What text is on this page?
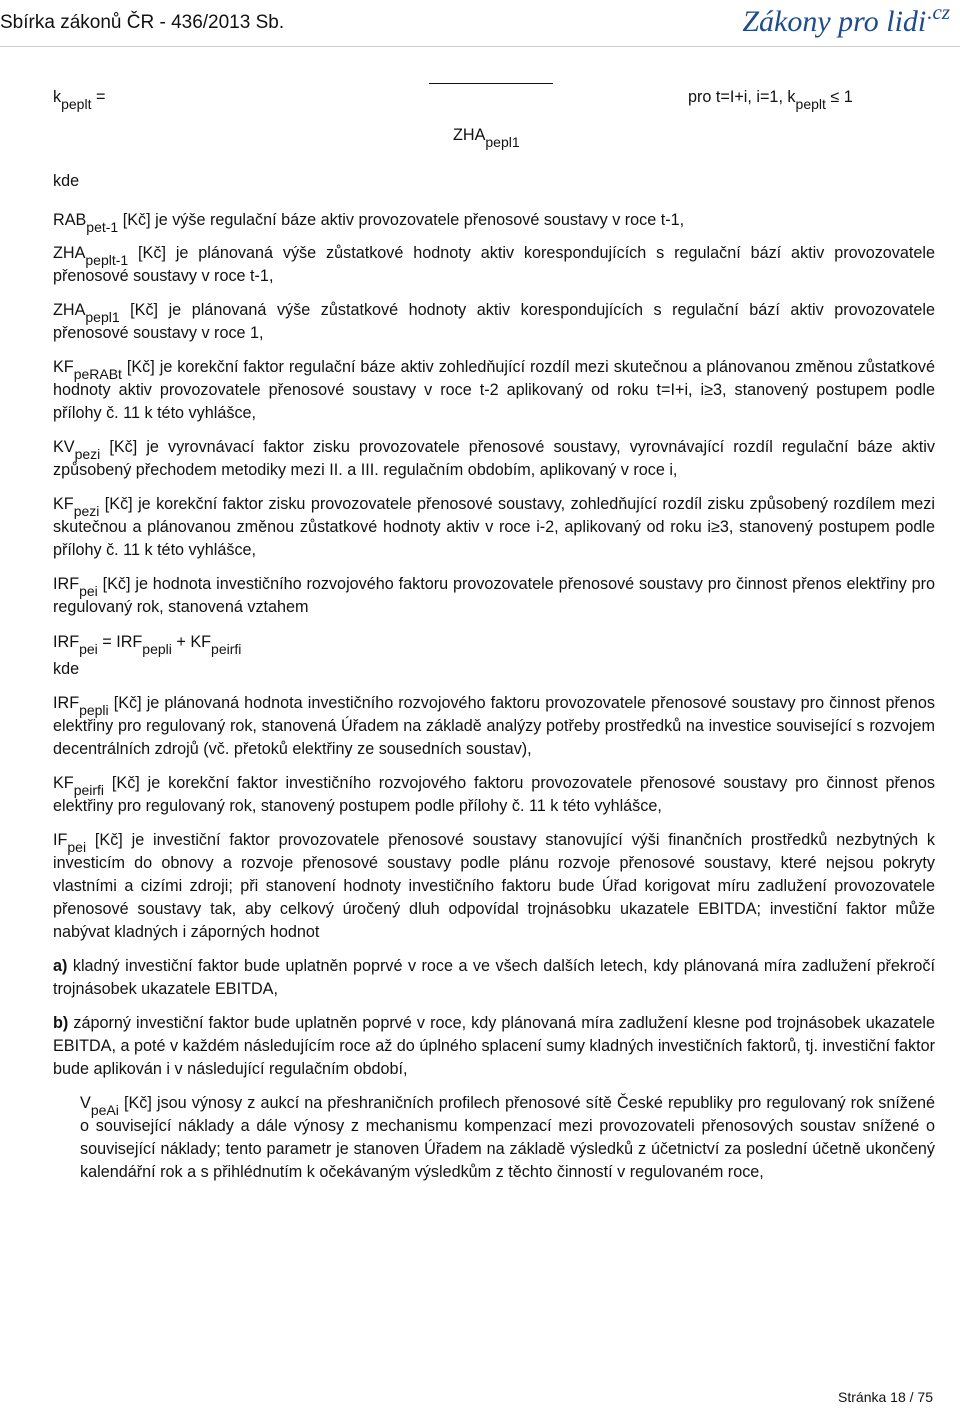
Sbírka zákonů ČR - 436/2013 Sb.	Zákony pro lidi$^{.cz}$
kpeplt =	pro t=I+i, i=1, kpeplt ≤ 1
ZHApepl1

kde

RABpet-1 [Kč] je výše regulační báze aktiv provozovatele přenosové soustavy v roce t-1,

ZHApeplt-1 [Kč] je plánovaná výše zůstatkové hodnoty aktiv korespondujících s regulační bází aktiv provozovatele přenosové soustavy v roce t-1,

ZHApepl1 [Kč] je plánovaná výše zůstatkové hodnoty aktiv korespondujících s regulační bází aktiv provozovatele přenosové soustavy v roce 1,

KFpeRABt [Kč] je korekční faktor regulační báze aktiv zohledňující rozdíl mezi skutečnou a plánovanou změnou zůstatkové hodnoty aktiv provozovatele přenosové soustavy v roce t-2 aplikovaný od roku t=I+i, i≥3, stanovený postupem podle přílohy č. 11 k této vyhlášce,

KVpezi [Kč] je vyrovnávací faktor zisku provozovatele přenosové soustavy, vyrovnávající rozdíl regulační báze aktiv způsobený přechodem metodiky mezi II. a III. regulačním obdobím, aplikovaný v roce i,

KFpezi [Kč] je korekční faktor zisku provozovatele přenosové soustavy, zohledňující rozdíl zisku způsobený rozdílem mezi skutečnou a plánovanou změnou zůstatkové hodnoty aktiv v roce i-2, aplikovaný od roku i≥3, stanovený postupem podle přílohy č. 11 k této vyhlášce,

IRFpei [Kč] je hodnota investičního rozvojového faktoru provozovatele přenosové soustavy pro činnost přenos elektřiny pro regulovaný rok, stanovená vztahem

IRFpei = IRFpepli + KFpeirfi

kde

IRFpepli [Kč] je plánovaná hodnota investičního rozvojového faktoru provozovatele přenosové soustavy pro činnost přenos elektřiny pro regulovaný rok, stanovená Úřadem na základě analýzy potřeby prostředků na investice související s rozvojem decentrálních zdrojů (vč. přetoků elektřiny ze sousedních soustav),

KFpeirfi [Kč] je korekční faktor investičního rozvojového faktoru provozovatele přenosové soustavy pro činnost přenos elektřiny pro regulovaný rok, stanovený postupem podle přílohy č. 11 k této vyhlášce,

IFpei [Kč] je investiční faktor provozovatele přenosové soustavy stanovující výši finančních prostředků nezbytných k investicím do obnovy a rozvoje přenosové soustavy podle plánu rozvoje přenosové soustavy, které nejsou pokryty vlastními a cizími zdroji; při stanovení hodnoty investičního faktoru bude Úřad korigovat míru zadlužení provozovatele přenosové soustavy tak, aby celkový úročený dluh odpovídal trojnásobku ukazatele EBITDA; investiční faktor může nabývat kladných i záporných hodnot

a) kladný investiční faktor bude uplatněn poprvé v roce a ve všech dalších letech, kdy plánovaná míra zadlužení překročí trojnásobek ukazatele EBITDA,

b) záporný investiční faktor bude uplatněn poprvé v roce, kdy plánovaná míra zadlužení klesne pod trojnásobek ukazatele EBITDA, a poté v každém následujícím roce až do úplného splacení sumy kladných investičních faktorů, tj. investiční faktor bude aplikován i v následující regulačním období,

VpeAi [Kč] jsou výnosy z aukcí na přeshraničních profilech přenosové sítě České republiky pro regulovaný rok snížené o související náklady a dále výnosy z mechanismu kompenzací mezi provozovateli přenosových soustav snížené o související náklady; tento parametr je stanoven Úřadem na základě výsledků z účetnictví za poslední účetně ukončený kalendářní rok a s přihlédnutím k očekávaným výsledkům z těchto činností v regulovaném roce,

Stránka 18 / 75
